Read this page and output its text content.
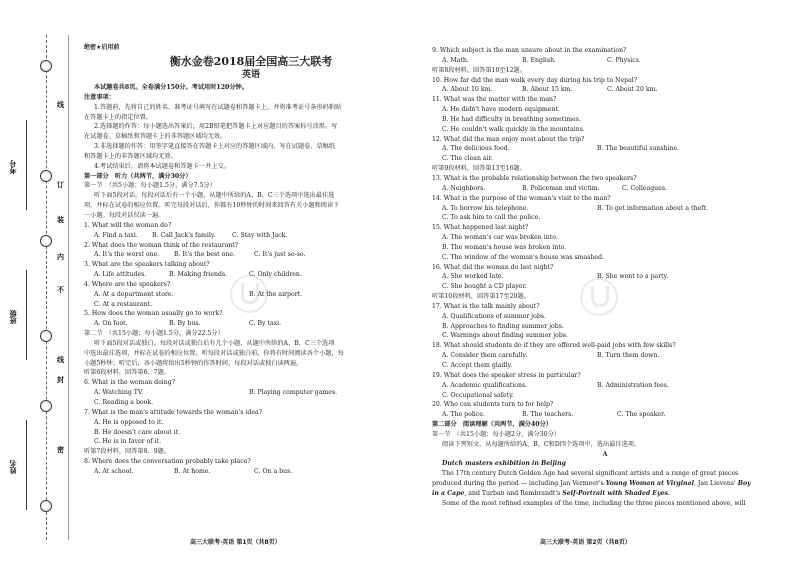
考号
班级
姓名
线
订
装
内
不
线
封
密
绝密★启用前
衡水金卷2018届全国高三大联考
英语
本试题卷共8页。全卷满分150分。考试用时120分钟。
注意事项：
1.答题前，先将自己的姓名、准考证号填写在试题卷和答题卡上，并将准考证号条形码粘贴
在答题卡上的指定位置。
2.选择题的作答：每小题选出答案后，用2B铅笔把答题卡上对应题目的答案标号涂黑。写
在试题卷、草稿纸和答题卡上的非答题区域均无效。
3.非选择题的作答：用签字笔直接答在答题卡上对应的答题区域内。写在试题卷、草稿纸
和答题卡上的非答题区域均无效。
4.考试结束后，请将本试题卷和答题卡一并上交。
第一部分　听力（共两节，满分30分）
第一节　（共5小题；每小题1.5分，满分7.5分）
听下面5段对话。每段对话后有一个小题，从题中所给的A、B、C三个选项中选出最佳选
项，并标在试卷的相应位置。听完每段对话后，你都有10秒钟的时间来回答有关小题和阅读下
一小题。每段对话仅读一遍。
1. What will the woman do?
A. Find a taxi.	B. Call Jack's family.	C. Stay with Jack.
2. What does the woman think of the restaurant?
A. It's the worst one.	B. It's the best one.	C. It's just so-so.
3. What are the speakers talking about?
A. Life attitudes.	B. Making friends.	C. Only children.
4. Where are the speakers?
A. At a department store.	B. At the airport.
C. At a restaurant.
5. How does the woman usually go to work?
A. On foot.	B. By bus.	C. By taxi.
第二节　（共15小题；每小题1.5分，满分22.5分）
听下面5段对话或独白。每段对话或独白后有几个小题，从题中所给的A、B、C三个选项
中选出最佳选项，并标在试卷的相应位置。听每段对话或独白前，你将有时间阅读各个小题，每
小题5秒钟；听完后，各小题将给出5秒钟的作答时间。每段对话或独白读两遍。
听第6段材料，回答第6、7题。
6. What is the woman doing?
A. Watching TV.	B. Playing computer games.
C. Reading a book.
7. What is the man's attitude towards the woman's idea?
A. He is opposed to it.
B. He doesn't care about it.
C. He is in favor of it.
听第7段材料，回答第8、9题。
8. Where does the conversation probably take place?
A. At school.	B. At home.	C. On a bus.
高三大联考·英语 第1页（共8页）
9. Which subject is the man unsure about in the examination?
A. Math.	B. English.	C. Physics.
听第8段材料，回答第10至12题。
10. How far did the man walk every day during his trip to Nepal?
A. About 10 km.	B. About 15 km.	C. About 20 km.
11. What was the matter with the man?
A. He didn't have modern equipment.
B. He had difficulty in breathing sometimes.
C. He couldn't walk quickly in the mountains.
12. What did the man enjoy most about the trip?
A. The delicious food.	B. The beautiful sunshine.
C. The clean air.
听第9段材料，回答第13至16题。
13. What is the probable relationship between the two speakers?
A. Neighbors.	B. Policeman and victim.	C. Colleagues.
14. What is the purpose of the woman's visit to the man?
A. To borrow his telephone.	B. To get information about a theft.
C. To ask him to call the police.
15. What happened last night?
A. The woman's car was broken into.
B. The woman's house was broken into.
C. The window of the woman's house was smashed.
16. What did the woman do last night?
A. She worked late.	B. She went to a party.
C. She bought a CD player.
听第10段材料，回答第17至20题。
17. What is the talk mainly about?
A. Qualifications of summer jobs.
B. Approaches to finding summer jobs.
C. Warnings about finding summer jobs.
18. What should students do if they are offered well-paid jobs with few skills?
A. Consider them carefully.	B. Turn them down.
C. Accept them gladly.
19. What does the speaker stress in particular?
A. Academic qualifications.	B. Administration fees.
C. Occupational safety.
20. Who can students turn to for help?
A. The police.	B. The teachers.	C. The speaker.
第二部分　阅读理解（共两节，满分40分）
第一节　（共15小题；每小题2分，满分30分）
阅读下列短文，从每题所给的A、B、C和D四个选项中，选出最佳选项。
A
Dutch masters exhibition in Beijing
The 17th century Dutch Golden Age had several significant artists and a range of great pieces
produced during the period — including Jan Vermeer's Young Woman at Virginal, Jan Lievens' Boy
in a Cape, and Turban and Rembrandt's Self-Portrait with Shaded Eyes.
Some of the most refined examples of the time, including the three pieces mentioned above, will
高三大联考·英语 第2页（共8页）
